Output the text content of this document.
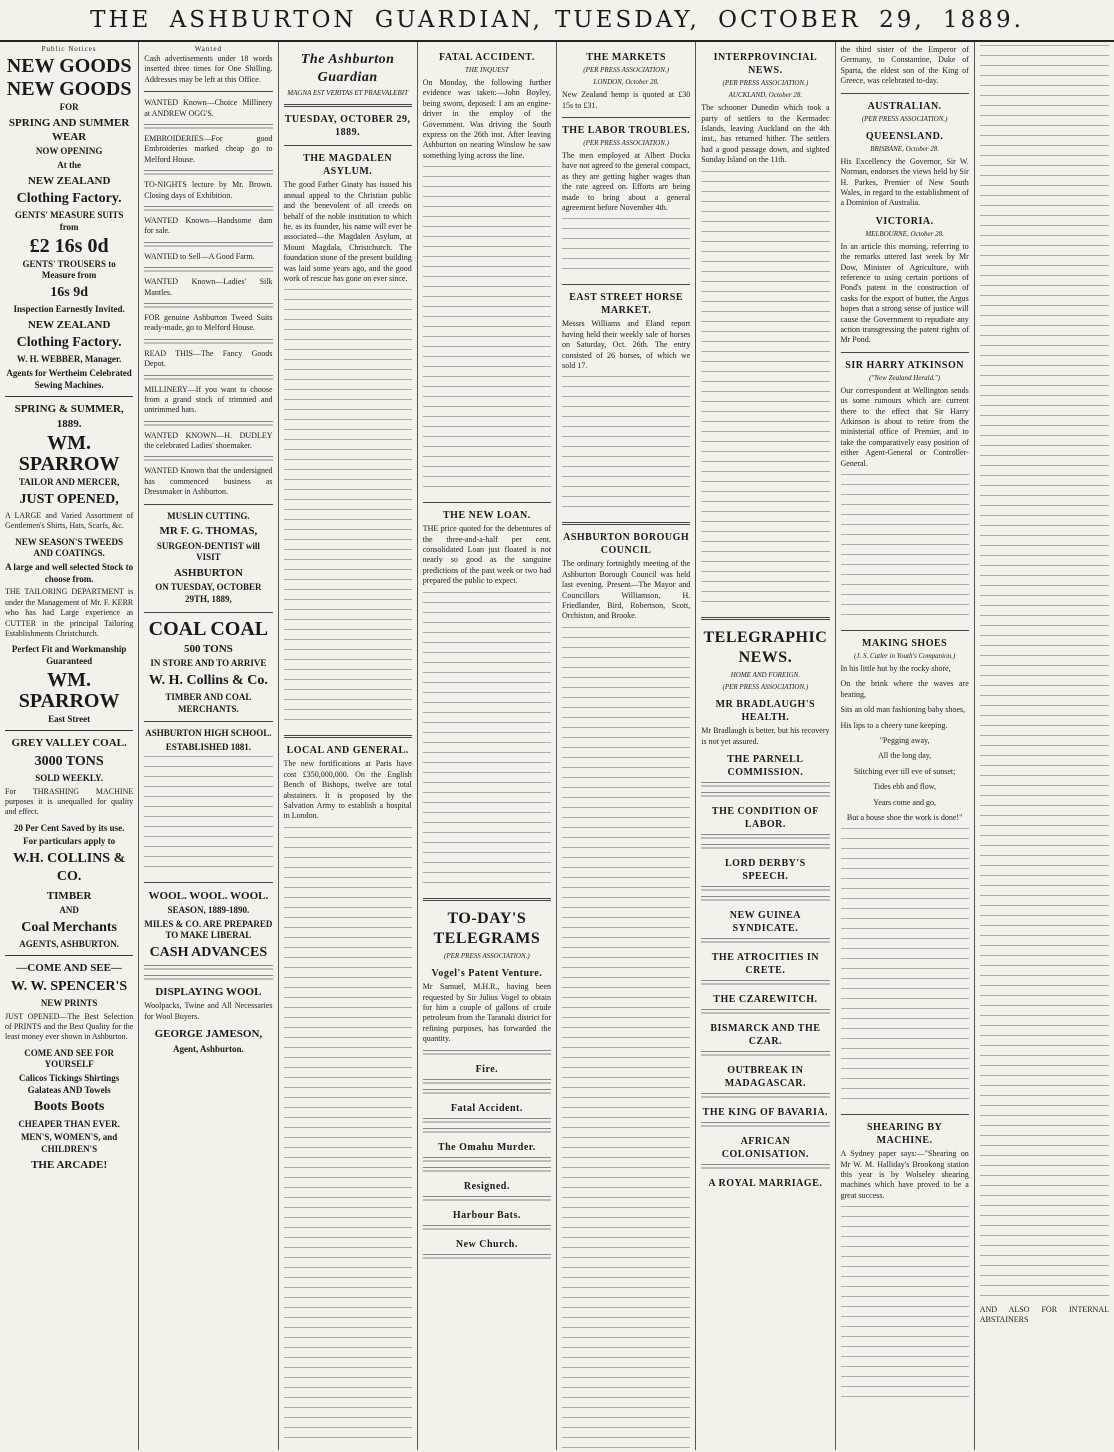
THE ASHBURTON GUARDIAN, TUESDAY, OCTOBER 29, 1889.
Public Notices
NEW GOODS
NEW GOODS
FOR
SPRING AND SUMMER WEAR
NOW OPENING
At the
NEW ZEALAND
Clothing Factory.
GENTS' MEASURE SUITS from
£2 16s 0d
GENTS' TROUSERS to Measure from
16s 9d
Inspection Earnestly Invited.
NEW ZEALAND
Clothing Factory.
W. H. WEBBER, Manager.
Agents for Wertheim Celebrated Sewing Machines.
SPRING & SUMMER, 1889.
WM. SPARROW
TAILOR AND MERCER,
JUST OPENED,
A LARGE and Varied Assortment of Gentlemen's Shirts, Hats, Scarfs, &c.
NEW SEASON'S TWEEDS AND COATINGS.
A large and well selected Stock to choose from.
THE TAILORING DEPARTMENT is under the Management of Mr. F. KERR who has had Large experience as CUTTER in the principal Tailoring Establishments Christchurch.
Perfect Fit and Workmanship Guaranteed
WM. SPARROW
East Street
GREY VALLEY COAL.
3000 TONS
SOLD WEEKLY.
For THRASHING MACHINE purposes it is unequalled for quality and effect.
20 Per Cent Saved by its use.
For particulars apply to
W.H. COLLINS & CO.
TIMBER
AND
Coal Merchants
AGENTS, ASHBURTON.
—COME AND SEE—
W. W. SPENCER'S
NEW PRINTS
JUST OPENED—The Best Selection of PRINTS and the Best Quality for the least money ever shown in Ashburton.
COME AND SEE FOR YOURSELF
Calicos Tickings Shirtings Galateas AND Towels
Boots Boots
CHEAPER THAN EVER.
MEN'S, WOMEN'S, and CHILDREN'S
THE ARCADE!
Wanted
Cash advertisements under 18 words inserted three times for One Shilling. Addresses may be left at this Office.
WANTED Known—Choice Millinery at ANDREW OGG'S.
EMBROIDERIES—For good Embroideries marked cheap go to Melford House.
TO-NIGHTS lecture by Mr. Brown. Closing days of Exhibition.
WANTED Known—Handsome dam for sale.
WANTED to Sell—A Good Farm.
WANTED Known—Ladies' Silk Mantles.
FOR genuine Ashburton Tweed Suits ready-made, go to Melford House.
READ THIS—The Fancy Goods Depot.
MILLINERY—If you want to choose from a grand stock of trimmed and untrimmed hats.
WANTED KNOWN—H. DUDLEY the celebrated Ladies' shoemaker.
WANTED Known that the undersigned has commenced business as Dressmaker in Ashburton.
MUSLIN CUTTING.
MR F. G. THOMAS,
SURGEON-DENTIST will VISIT
ASHBURTON
ON TUESDAY, OCTOBER 29TH, 1889,
COAL COAL
500 TONS
IN STORE AND TO ARRIVE
W. H. Collins & Co.
TIMBER AND COAL MERCHANTS.
ASHBURTON HIGH SCHOOL.
ESTABLISHED 1881.
WOOL. WOOL. WOOL.
SEASON, 1889-1890.
MILES & CO. ARE PREPARED TO MAKE LIBERAL
CASH ADVANCES
DISPLAYING WOOL
Woolpacks, Twine and All Necessaries for Wool Buyers.
GEORGE JAMESON,
Agent, Ashburton.
The Ashburton Guardian
MAGNA EST VERITAS ET PRAEVALEBIT
TUESDAY, OCTOBER 29, 1889.
THE MAGDALEN ASYLUM.
The good Father Ginaty has issued his annual appeal to the Christian public and the benevolent of all creeds on behalf of the noble institution to which he, as its founder, his name will ever be associated—the Magdalen Asylum, at Mount Magdala, Christchurch. The foundation stone of the present building was laid some years ago, and the good work of rescue has gone on ever since.
LOCAL AND GENERAL.
The new fortifications at Paris have cost £350,000,000. On the English Bench of Bishops, twelve are total abstainers. It is proposed by the Salvation Army to establish a hospital in London.
FATAL ACCIDENT.
THE INQUEST
On Monday, the following further evidence was taken:—John Boyley, being sworn, deposed: I am an engine-driver in the employ of the Government. Was driving the South express on the 26th inst. After leaving Ashburton on nearing Winslow he saw something lying across the line.
THE NEW LOAN.
THE price quoted for the debentures of the three-and-a-half per cent. consolidated Loan just floated is not nearly so good as the sanguine predictions of the past week or two had prepared the public to expect.
TO-DAY'S TELEGRAMS
(PER PRESS ASSOCIATION.)
Vogel's Patent Venture.
Mr Samuel, M.H.R., having been requested by Sir Julius Vogel to obtain for him a couple of gallons of crude petroleum from the Taranaki district for refining purposes, has forwarded the quantity.
Fire.
Fatal Accident.
The Omahu Murder.
Resigned.
Harbour Bats.
New Church.
THE MARKETS
(PER PRESS ASSOCIATION.)
LONDON, October 28.
New Zealand hemp is quoted at £30 15s to £31.
THE LABOR TROUBLES.
(PER PRESS ASSOCIATION.)
The men employed at Albert Docks have not agreed to the general compact, as they are getting higher wages than the rate agreed on. Efforts are being made to bring about a general agreement before November 4th.
EAST STREET HORSE MARKET.
Messrs Williams and Eland report having held their weekly sale of horses on Saturday, Oct. 26th. The entry consisted of 26 horses, of which we sold 17.
ASHBURTON BOROUGH COUNCIL
The ordinary fortnightly meeting of the Ashburton Borough Council was held last evening. Present—The Mayor and Councillors Williamson, H. Friedlander, Bird, Robertson, Scott, Orchiston, and Brooke.
INTERPROVINCIAL NEWS.
(PER PRESS ASSOCIATION.)
AUCKLAND, October 28.
The schooner Dunedin which took a party of settlers to the Kermadec Islands, leaving Auckland on the 4th inst., has returned hither. The settlers had a good passage down, and sighted Sunday Island on the 11th.
TELEGRAPHIC NEWS.
HOME AND FOREIGN.
(PER PRESS ASSOCIATION.)
MR BRADLAUGH'S HEALTH.
Mr Bradlaugh is better, but his recovery is not yet assured.
THE PARNELL COMMISSION.
THE CONDITION OF LABOR.
LORD DERBY'S SPEECH.
NEW GUINEA SYNDICATE.
THE ATROCITIES IN CRETE.
THE CZAREWITCH.
BISMARCK AND THE CZAR.
OUTBREAK IN MADAGASCAR.
THE KING OF BAVARIA.
AFRICAN COLONISATION.
A ROYAL MARRIAGE.
the third sister of the Emperor of Germany, to Constantine, Duke of Sparta, the eldest son of the King of Greece, was celebrated to-day.
AUSTRALIAN.
(PER PRESS ASSOCIATION.)
QUEENSLAND.
BRISBANE, October 28.
His Excellency the Governor, Sir W. Norman, endorses the views held by Sir H. Parkes, Premier of New South Wales, in regard to the establishment of a Dominion of Australia.
VICTORIA.
MELBOURNE, October 28.
In an article this morning, referring to the remarks uttered last week by Mr Dow, Minister of Agriculture, with reference to using certain portions of Pond's patent in the construction of casks for the export of butter, the Argus hopes that a strong sense of justice will cause the Government to repudiate any action transgressing the patent rights of Mr Pond.
SIR HARRY ATKINSON
("New Zealand Herald.")
Our correspondent at Wellington sends us some rumours which are current there to the effect that Sir Harry Atkinson is about to retire from the ministerial office of Premier, and to take the comparatively easy position of either Agent-General or Controller-General.
MAKING SHOES
(J. S. Cutler in Youth's Companion.)
In his little hut by the rocky shore,
On the brink where the waves are beating,
Sits an old man fashioning baby shoes,
His lips to a cheery tune keeping.
"Pegging away,
All the long day,
Stitching ever till eve of sunset;
Tides ebb and flow,
Years come and go,
But a house shoe the work is done!"
SHEARING BY MACHINE.
A Sydney paper says:—"Shearing on Mr W. M. Halliday's Brookong station this year is by Wolseley shearing machines which have proved to be a great success.
AND ALSO FOR INTERNAL ABSTAINERS
